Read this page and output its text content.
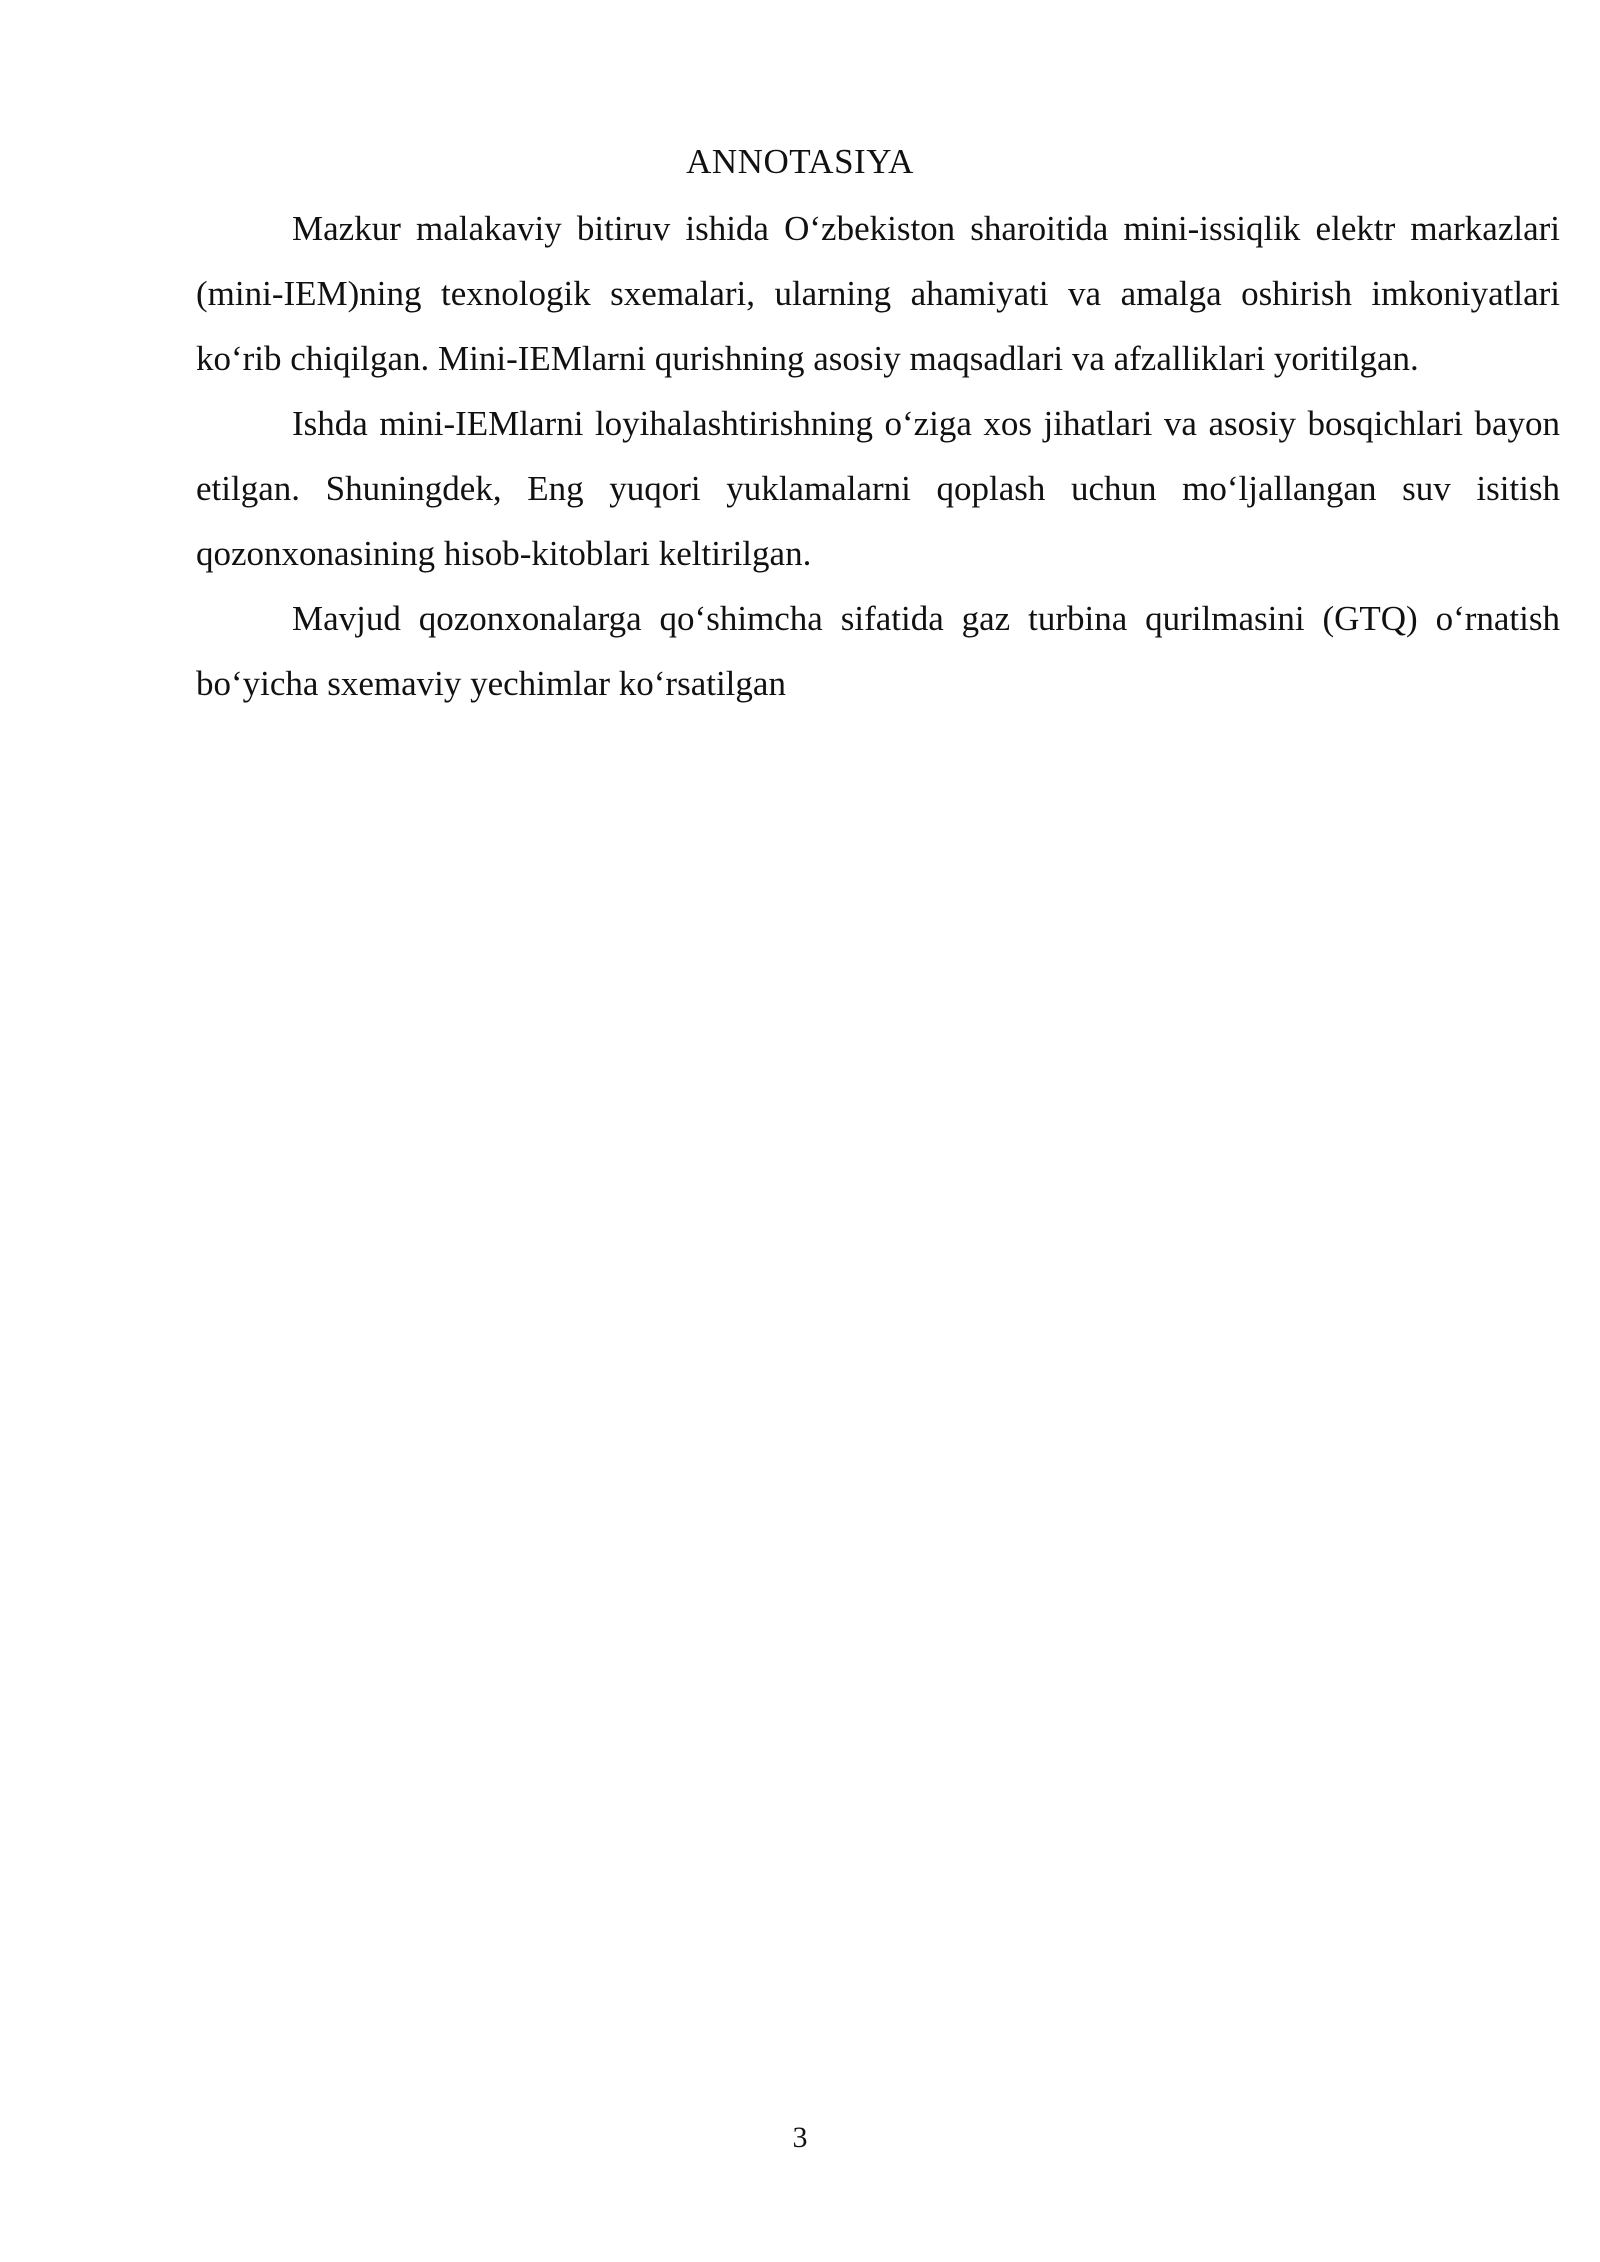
ANNOTASIYA

Mazkur malakaviy bitiruv ishida O‘zbekiston sharoitida mini-issiqlik elektr markazlari (mini-IEM)ning texnologik sxemalari, ularning ahamiyati va amalga oshirish imkoniyatlari ko‘rib chiqilgan. Mini-IEMlarni qurishning asosiy maqsadlari va afzalliklari yoritilgan.

Ishda mini-IEMlarni loyihalashtirishning o‘ziga xos jihatlari va asosiy bosqichlari bayon etilgan. Shuningdek, Eng yuqori yuklamalarni qoplash uchun mo‘ljallangan suv isitish qozonxonasining hisob-kitoblari keltirilgan.

Mavjud qozonxonalarga qo‘shimcha sifatida gaz turbina qurilmasini (GTQ) o‘rnatish bo‘yicha sxemaviy yechimlar ko‘rsatilgan

3
